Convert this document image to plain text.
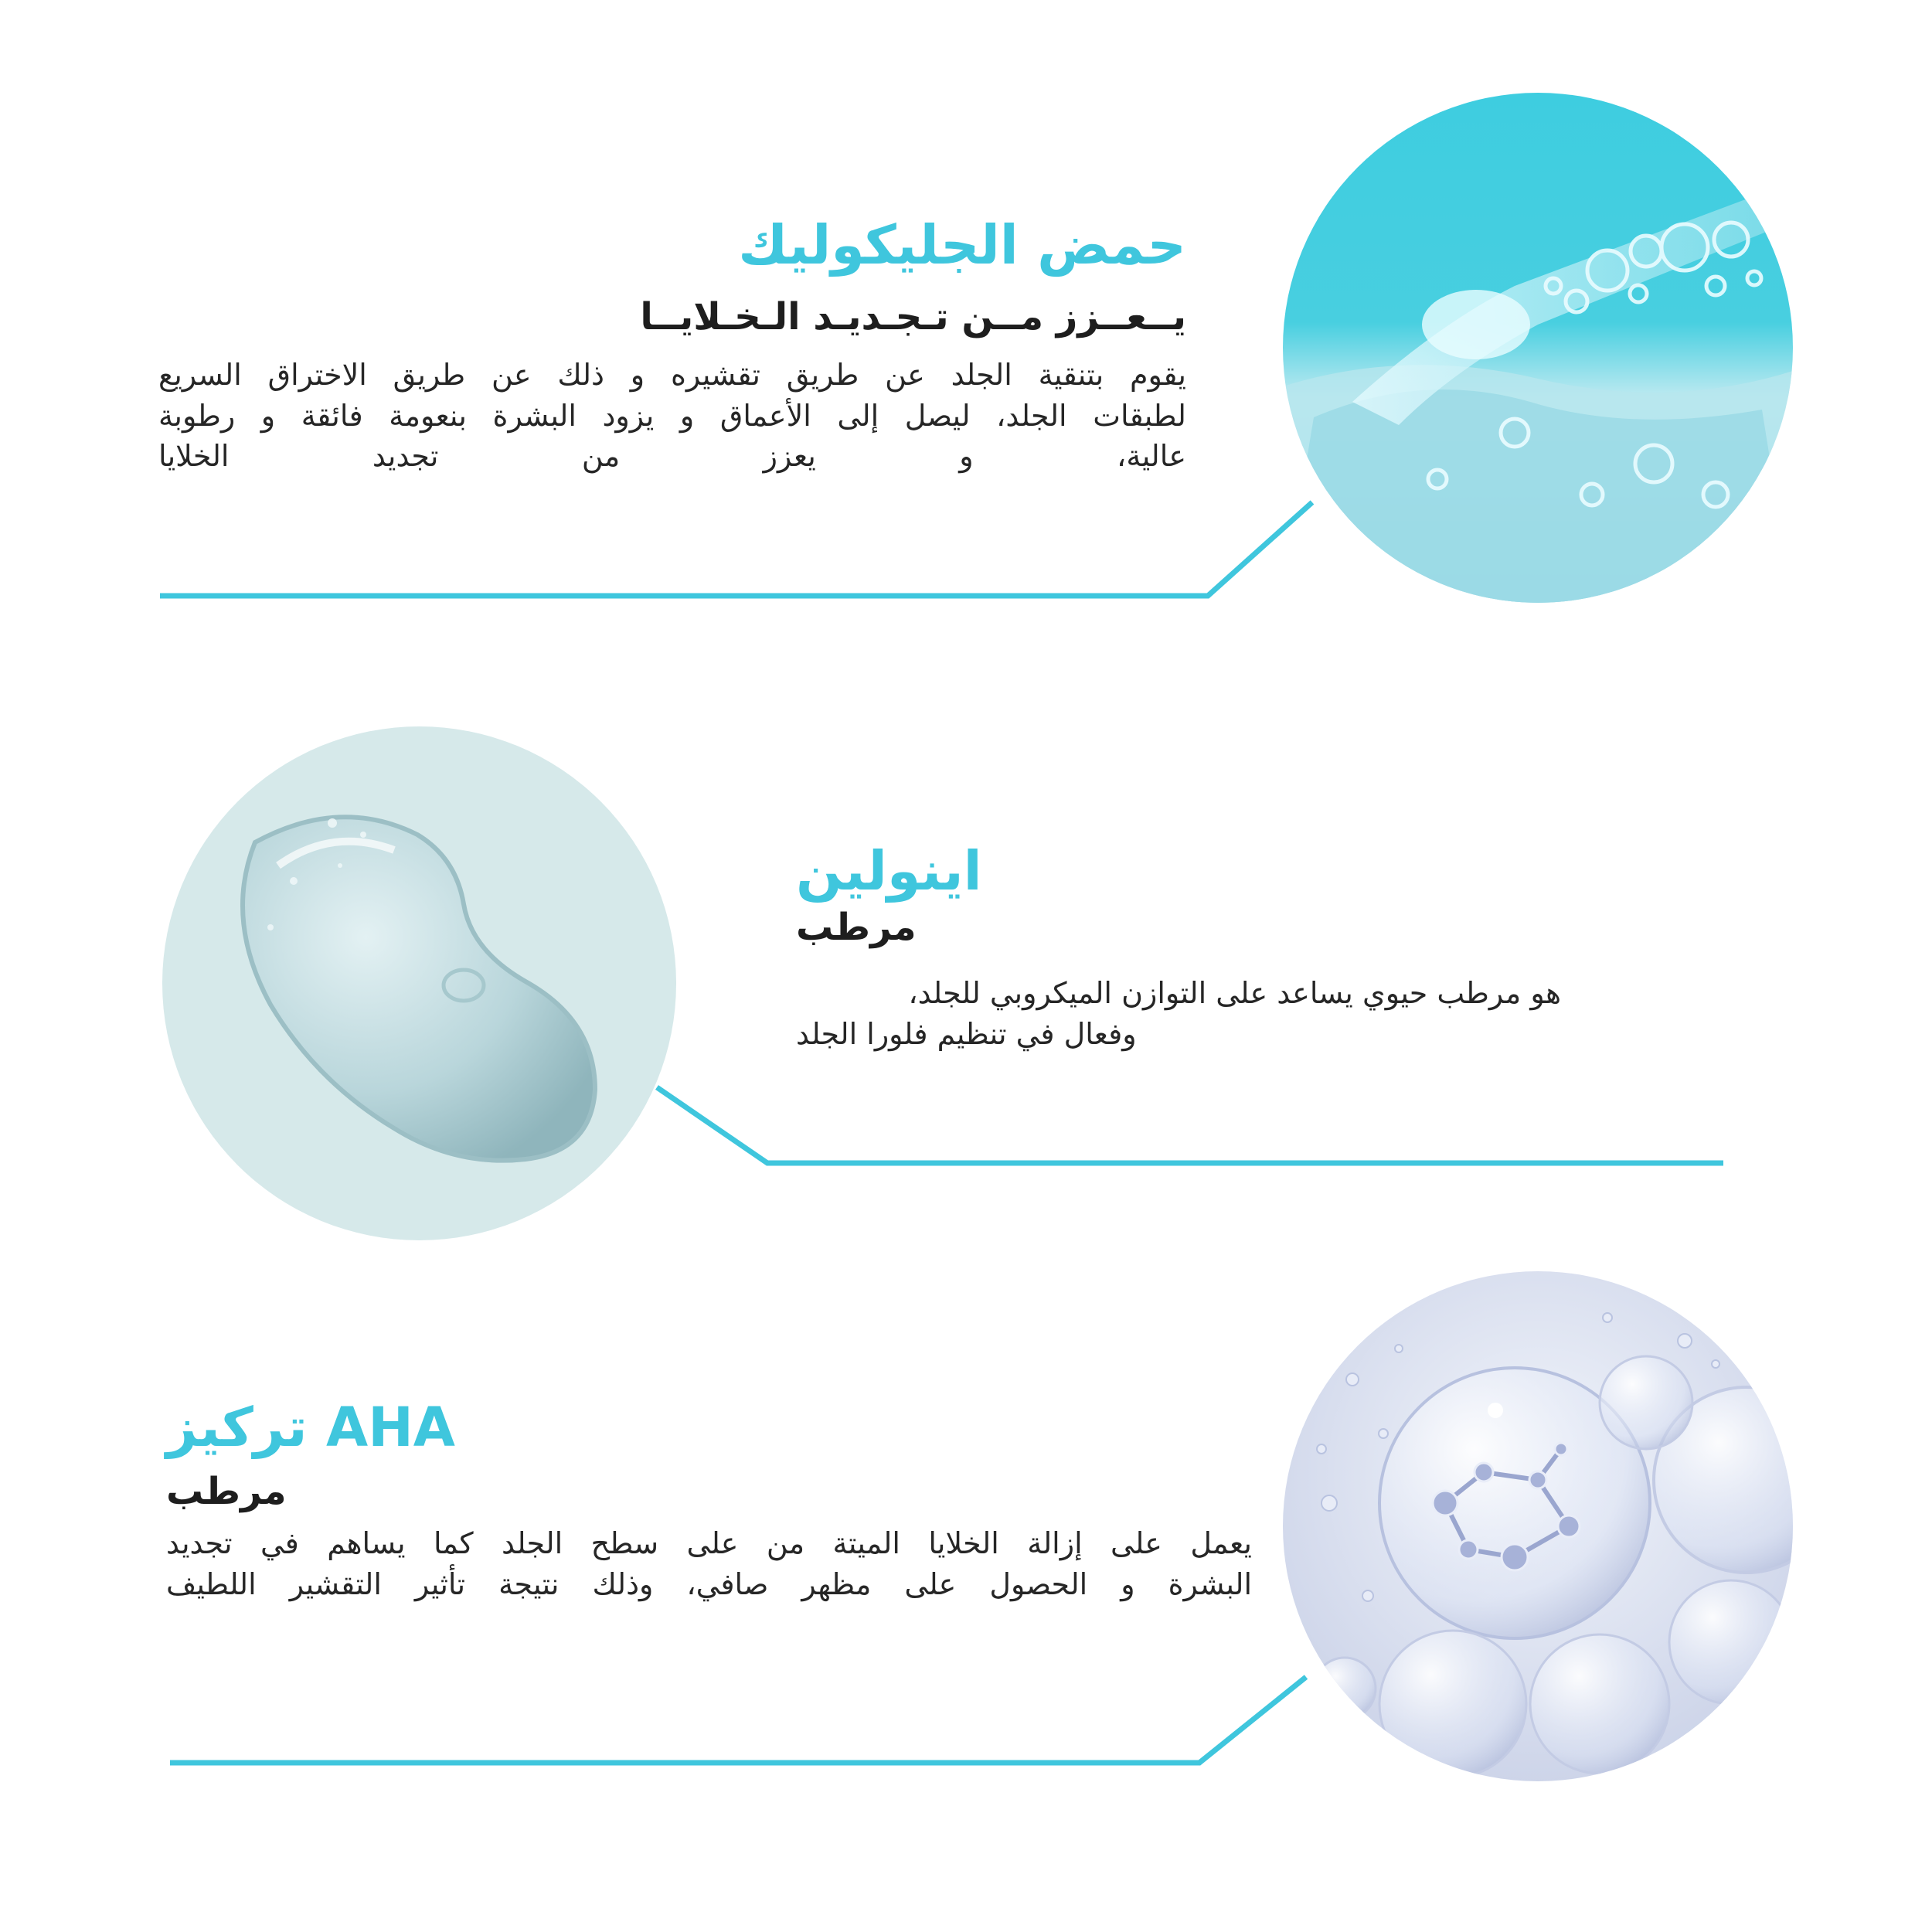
حمض الجليكوليك
يــعــزز مــن تـجـديـد الـخـلايــا

يقوم بتنقية الجلد عن طريق تقشيره و ذلك عن طريق الاختراق السريع

لطبقات الجلد، ليصل إلى الأعماق و يزود البشرة بنعومة فائقة و رطوبة

عالية، و يعزز من تجديد الخلايا

اينولين
مرطب

هو مرطب حيوي يساعد على التوازن الميكروبي للجلد،

وفعال في تنظيم فلورا الجلد

تركيز AHA
مرطب

يعمل على إزالة الخلايا الميتة من على سطح الجلد كما يساهم في تجديد

البشرة و الحصول على مظهر صافي، وذلك نتيجة تأثير التقشير اللطيف
